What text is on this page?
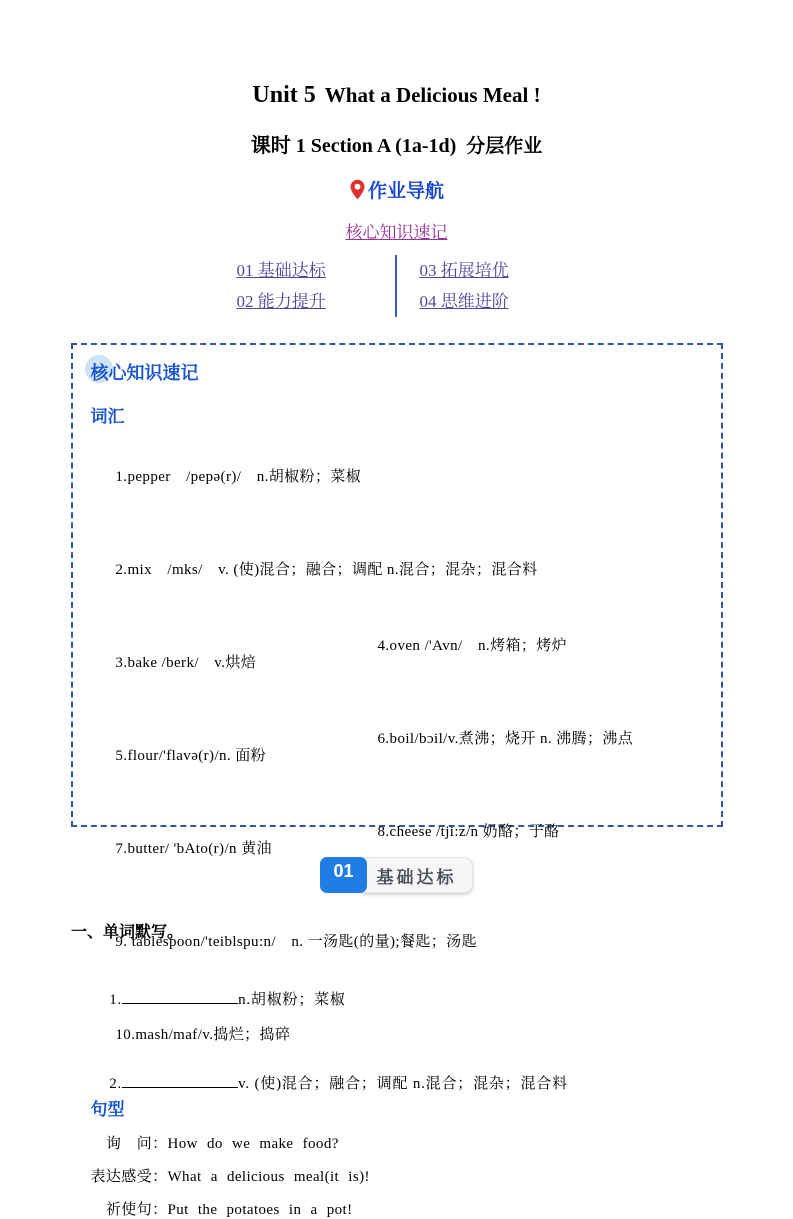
Unit 5 What a Delicious Meal !
课时 1 Section A (1a-1d) 分层作业
作业导航
核心知识速记
01 基础达标
02 能力提升
03 拓展培优
04 思维进阶
核心知识速记
词汇

1.pepper　/pepə(r)/　n.胡椒粉；菜椒

2.mix　/mks/　v. (使)混合；融合；调配 n.混合；混杂；混合料

3.bake /berk/　v.烘焙

4.oven /'Avn/　n.烤箱；烤炉

5.flour/'flavə(r)/n. 面粉

6.boil/bɔil/v.煮沸；烧开 n. 沸腾；沸点

7.butter/ 'bAto(r)/n 黄油

8.cheese /tji:z/n 奶酪；于酪

9. tablespoon/'teiblspu:n/　n. 一汤匙(的量);餐匙；汤匙

10.mash/maf/v.捣烂；捣碎

句型
　询　问：How do we make food?
表达感受：What a delicious meal(it is)!
　祈使句：Put the potatoes in a pot!
01	基础达标
一、单词默写。

1.	n.胡椒粉；菜椒

2.	v. (使)混合；融合；调配 n.混合；混杂；混合料
